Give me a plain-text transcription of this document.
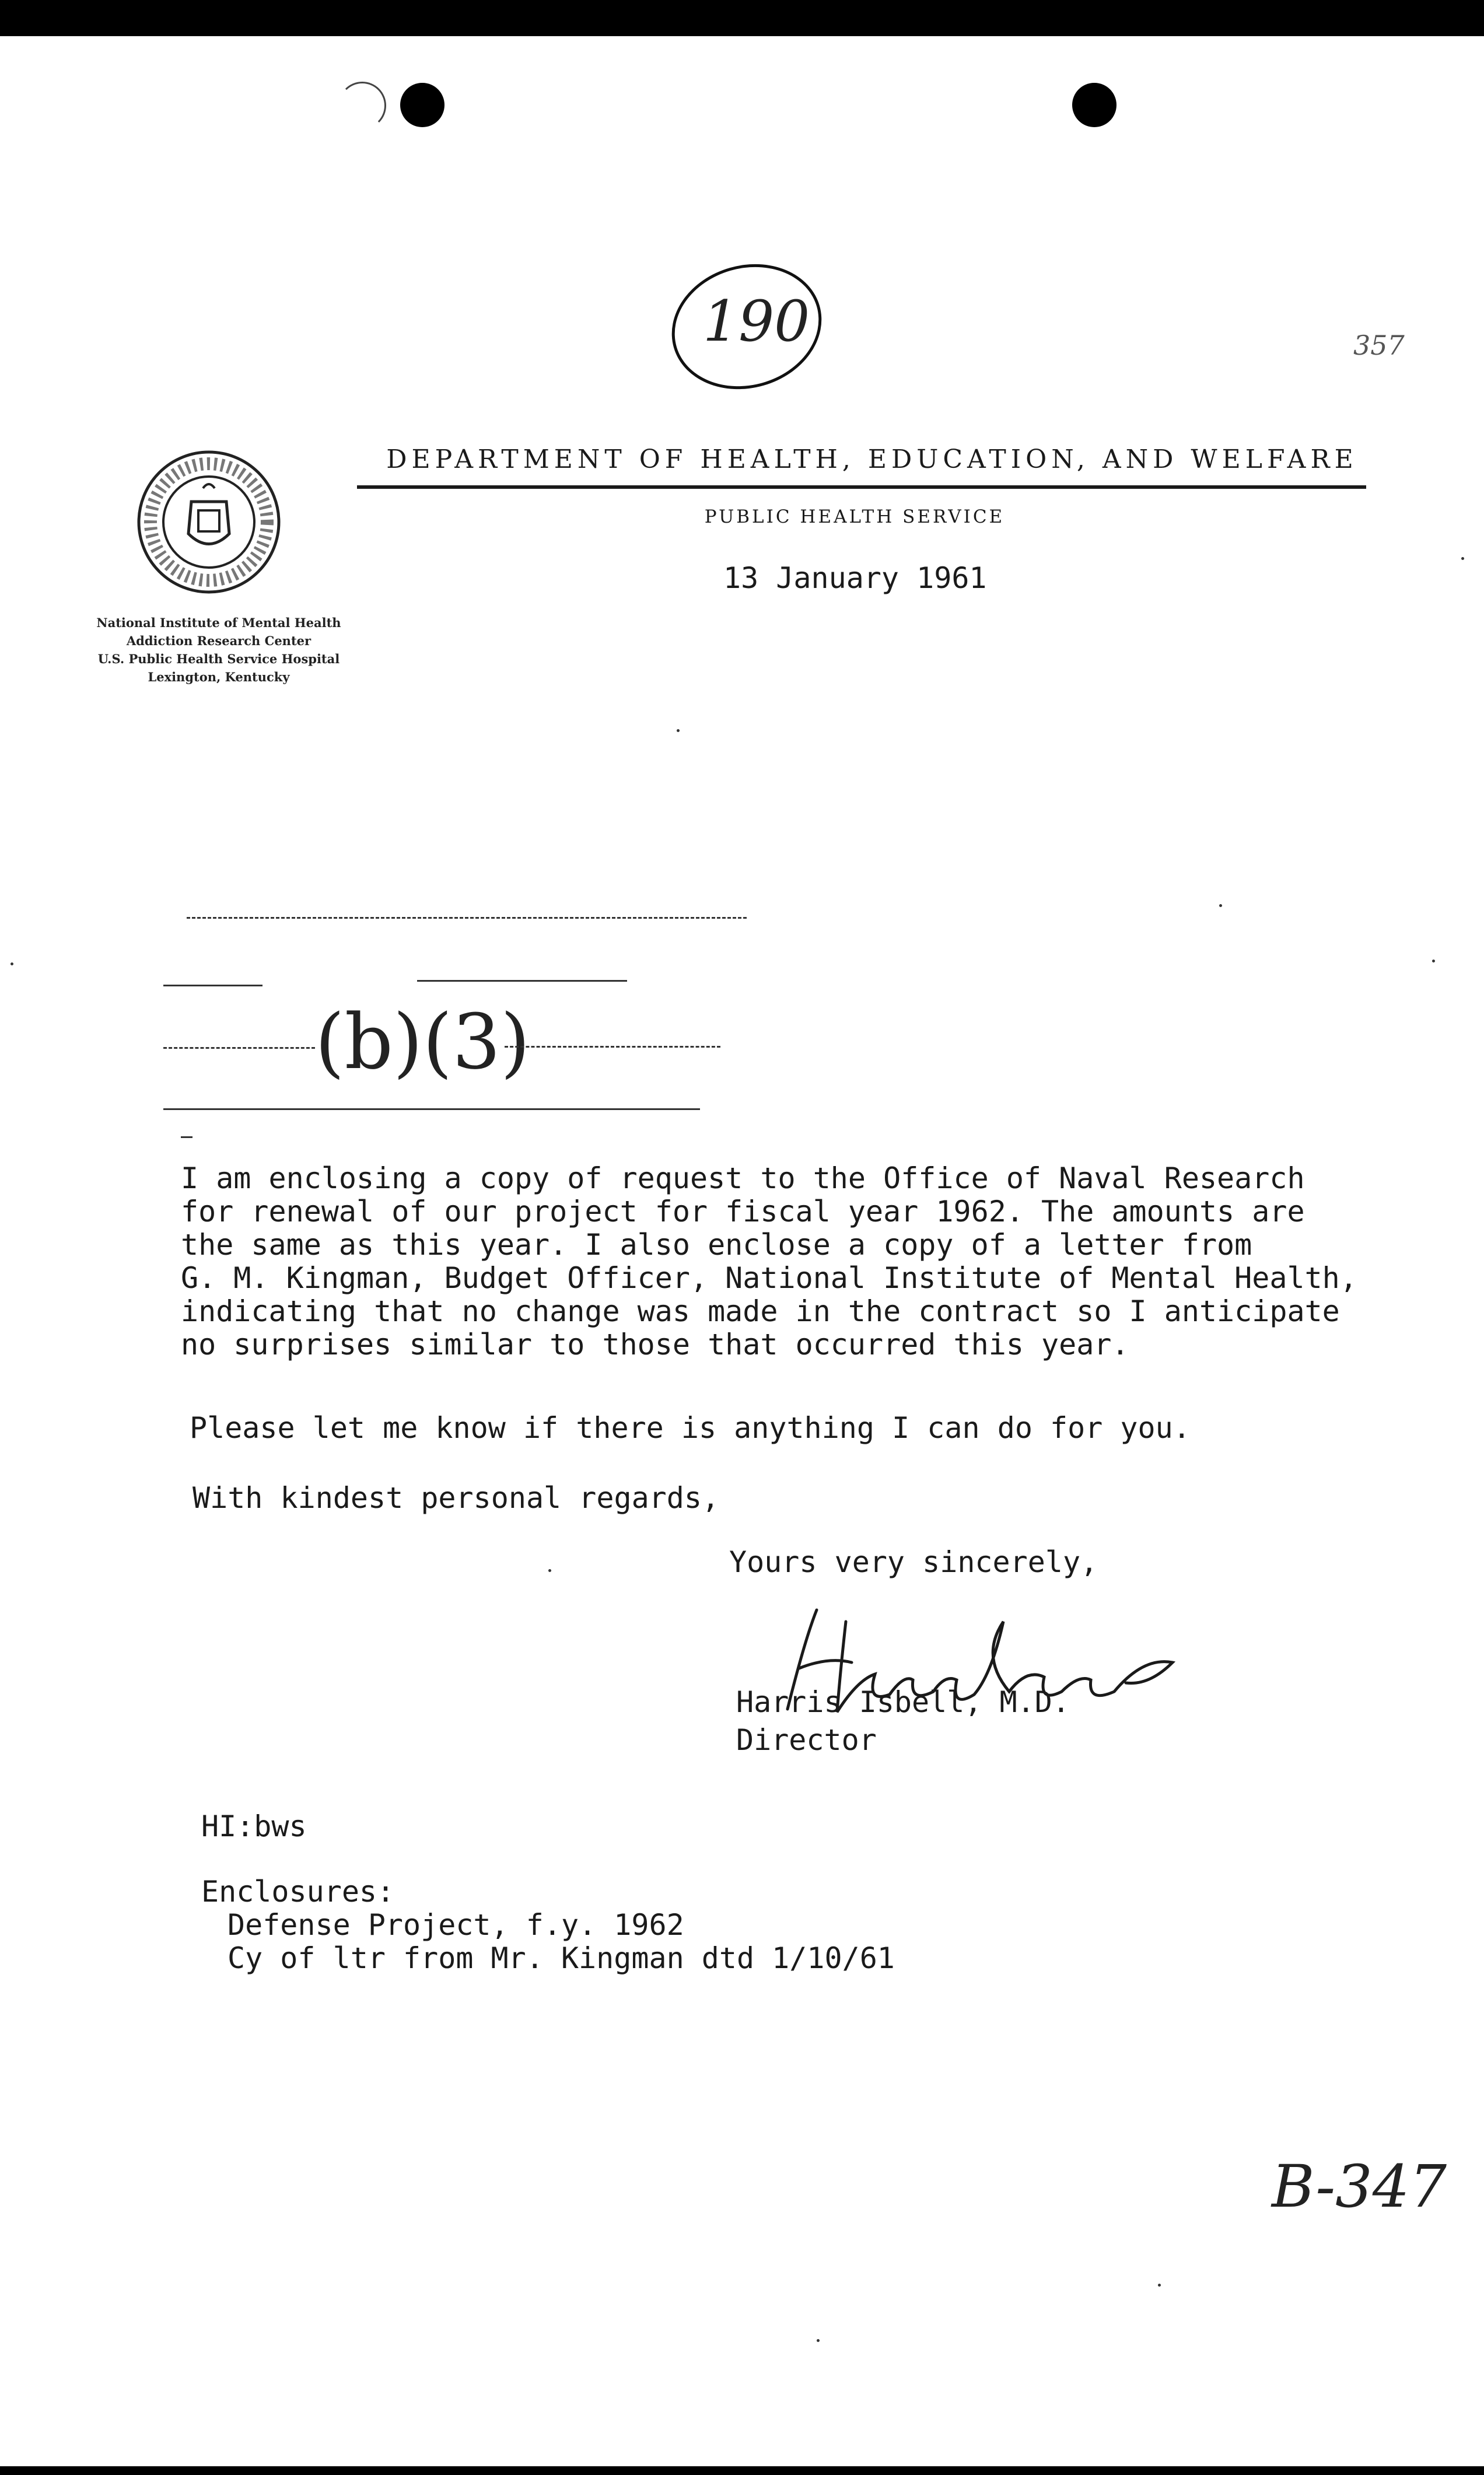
190	357
(b)(3)
B-347
National Institute of Mental Health
Addiction Research Center
U.S. Public Health Service Hospital
Lexington, Kentucky
DEPARTMENT OF HEALTH, EDUCATION, AND WELFARE
PUBLIC HEALTH SERVICE
13 January 1961
I am enclosing a copy of request to the Office of Naval Research
for renewal of our project for fiscal year 1962. The amounts are
the same as this year. I also enclose a copy of a letter from
G. M. Kingman, Budget Officer, National Institute of Mental Health,
indicating that no change was made in the contract so I anticipate
no surprises similar to those that occurred this year.
Please let me know if there is anything I can do for you.
With kindest personal regards,
Yours very sincerely,
Harris Isbell, M.D.
Director
HI:bws
Enclosures:
Defense Project, f.y. 1962
Cy of ltr from Mr. Kingman dtd 1/10/61
